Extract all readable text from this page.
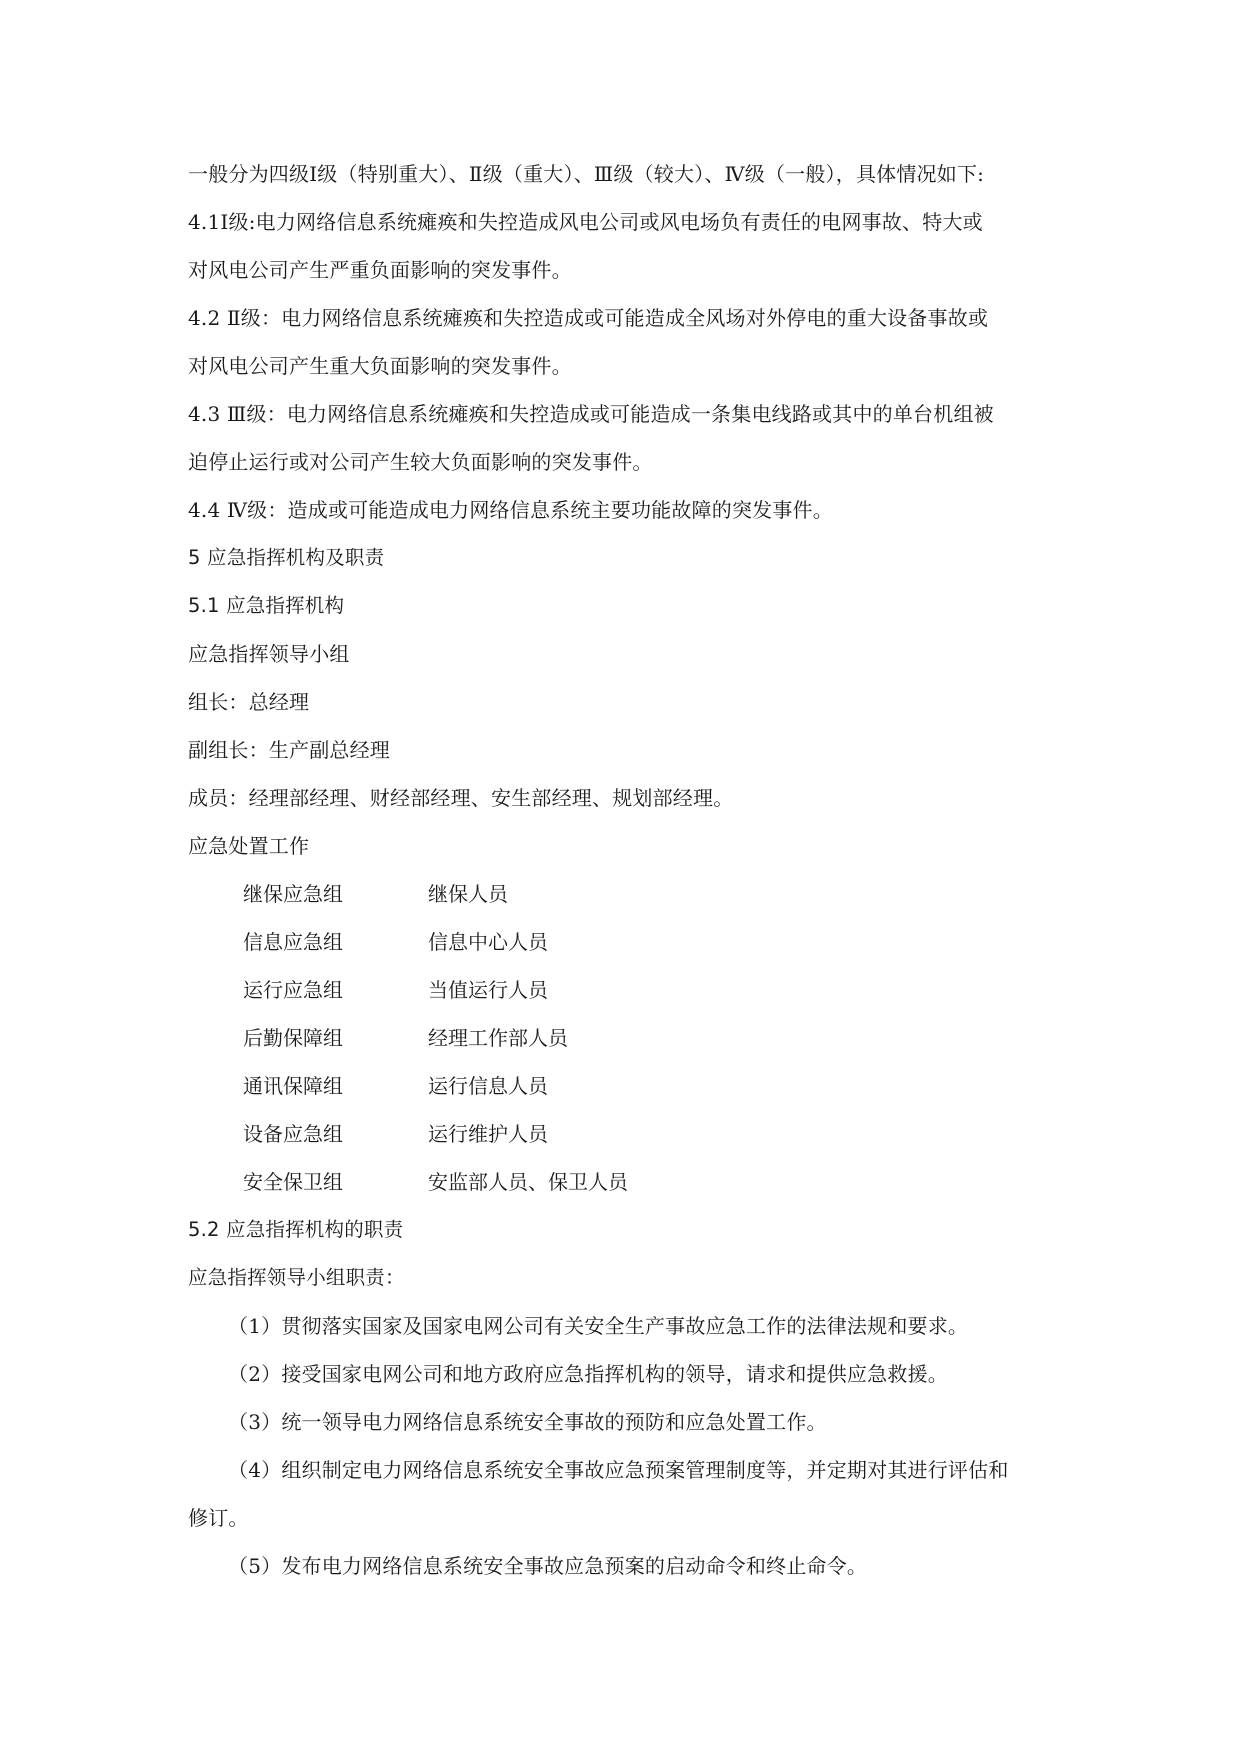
一般分为四级Ⅰ级（特别重大）、Ⅱ级（重大）、Ⅲ级（较大）、Ⅳ级（一般），具体情况如下:
4.1Ⅰ级:电力网络信息系统瘫痪和失控造成风电公司或风电场负有责任的电网事故、特大或
对风电公司产生严重负面影响的突发事件。
4.2 Ⅱ级：电力网络信息系统瘫痪和失控造成或可能造成全风场对外停电的重大设备事故或
对风电公司产生重大负面影响的突发事件。
4.3 Ⅲ级：电力网络信息系统瘫痪和失控造成或可能造成一条集电线路或其中的单台机组被
迫停止运行或对公司产生较大负面影响的突发事件。
4.4 Ⅳ级：造成或可能造成电力网络信息系统主要功能故障的突发事件。
5 应急指挥机构及职责
5.1 应急指挥机构
应急指挥领导小组
组长：总经理
副组长：生产副总经理
成员：经理部经理、财经部经理、安生部经理、规划部经理。
应急处置工作
继保应急组	继保人员
信息应急组	信息中心人员
运行应急组	当值运行人员
后勤保障组	经理工作部人员
通讯保障组	运行信息人员
设备应急组	运行维护人员
安全保卫组	安监部人员、保卫人员
5.2 应急指挥机构的职责
应急指挥领导小组职责：
（1）贯彻落实国家及国家电网公司有关安全生产事故应急工作的法律法规和要求。
（2）接受国家电网公司和地方政府应急指挥机构的领导，请求和提供应急救援。
（3）统一领导电力网络信息系统安全事故的预防和应急处置工作。
（4）组织制定电力网络信息系统安全事故应急预案管理制度等，并定期对其进行评估和
修订。
（5）发布电力网络信息系统安全事故应急预案的启动命令和终止命令。
